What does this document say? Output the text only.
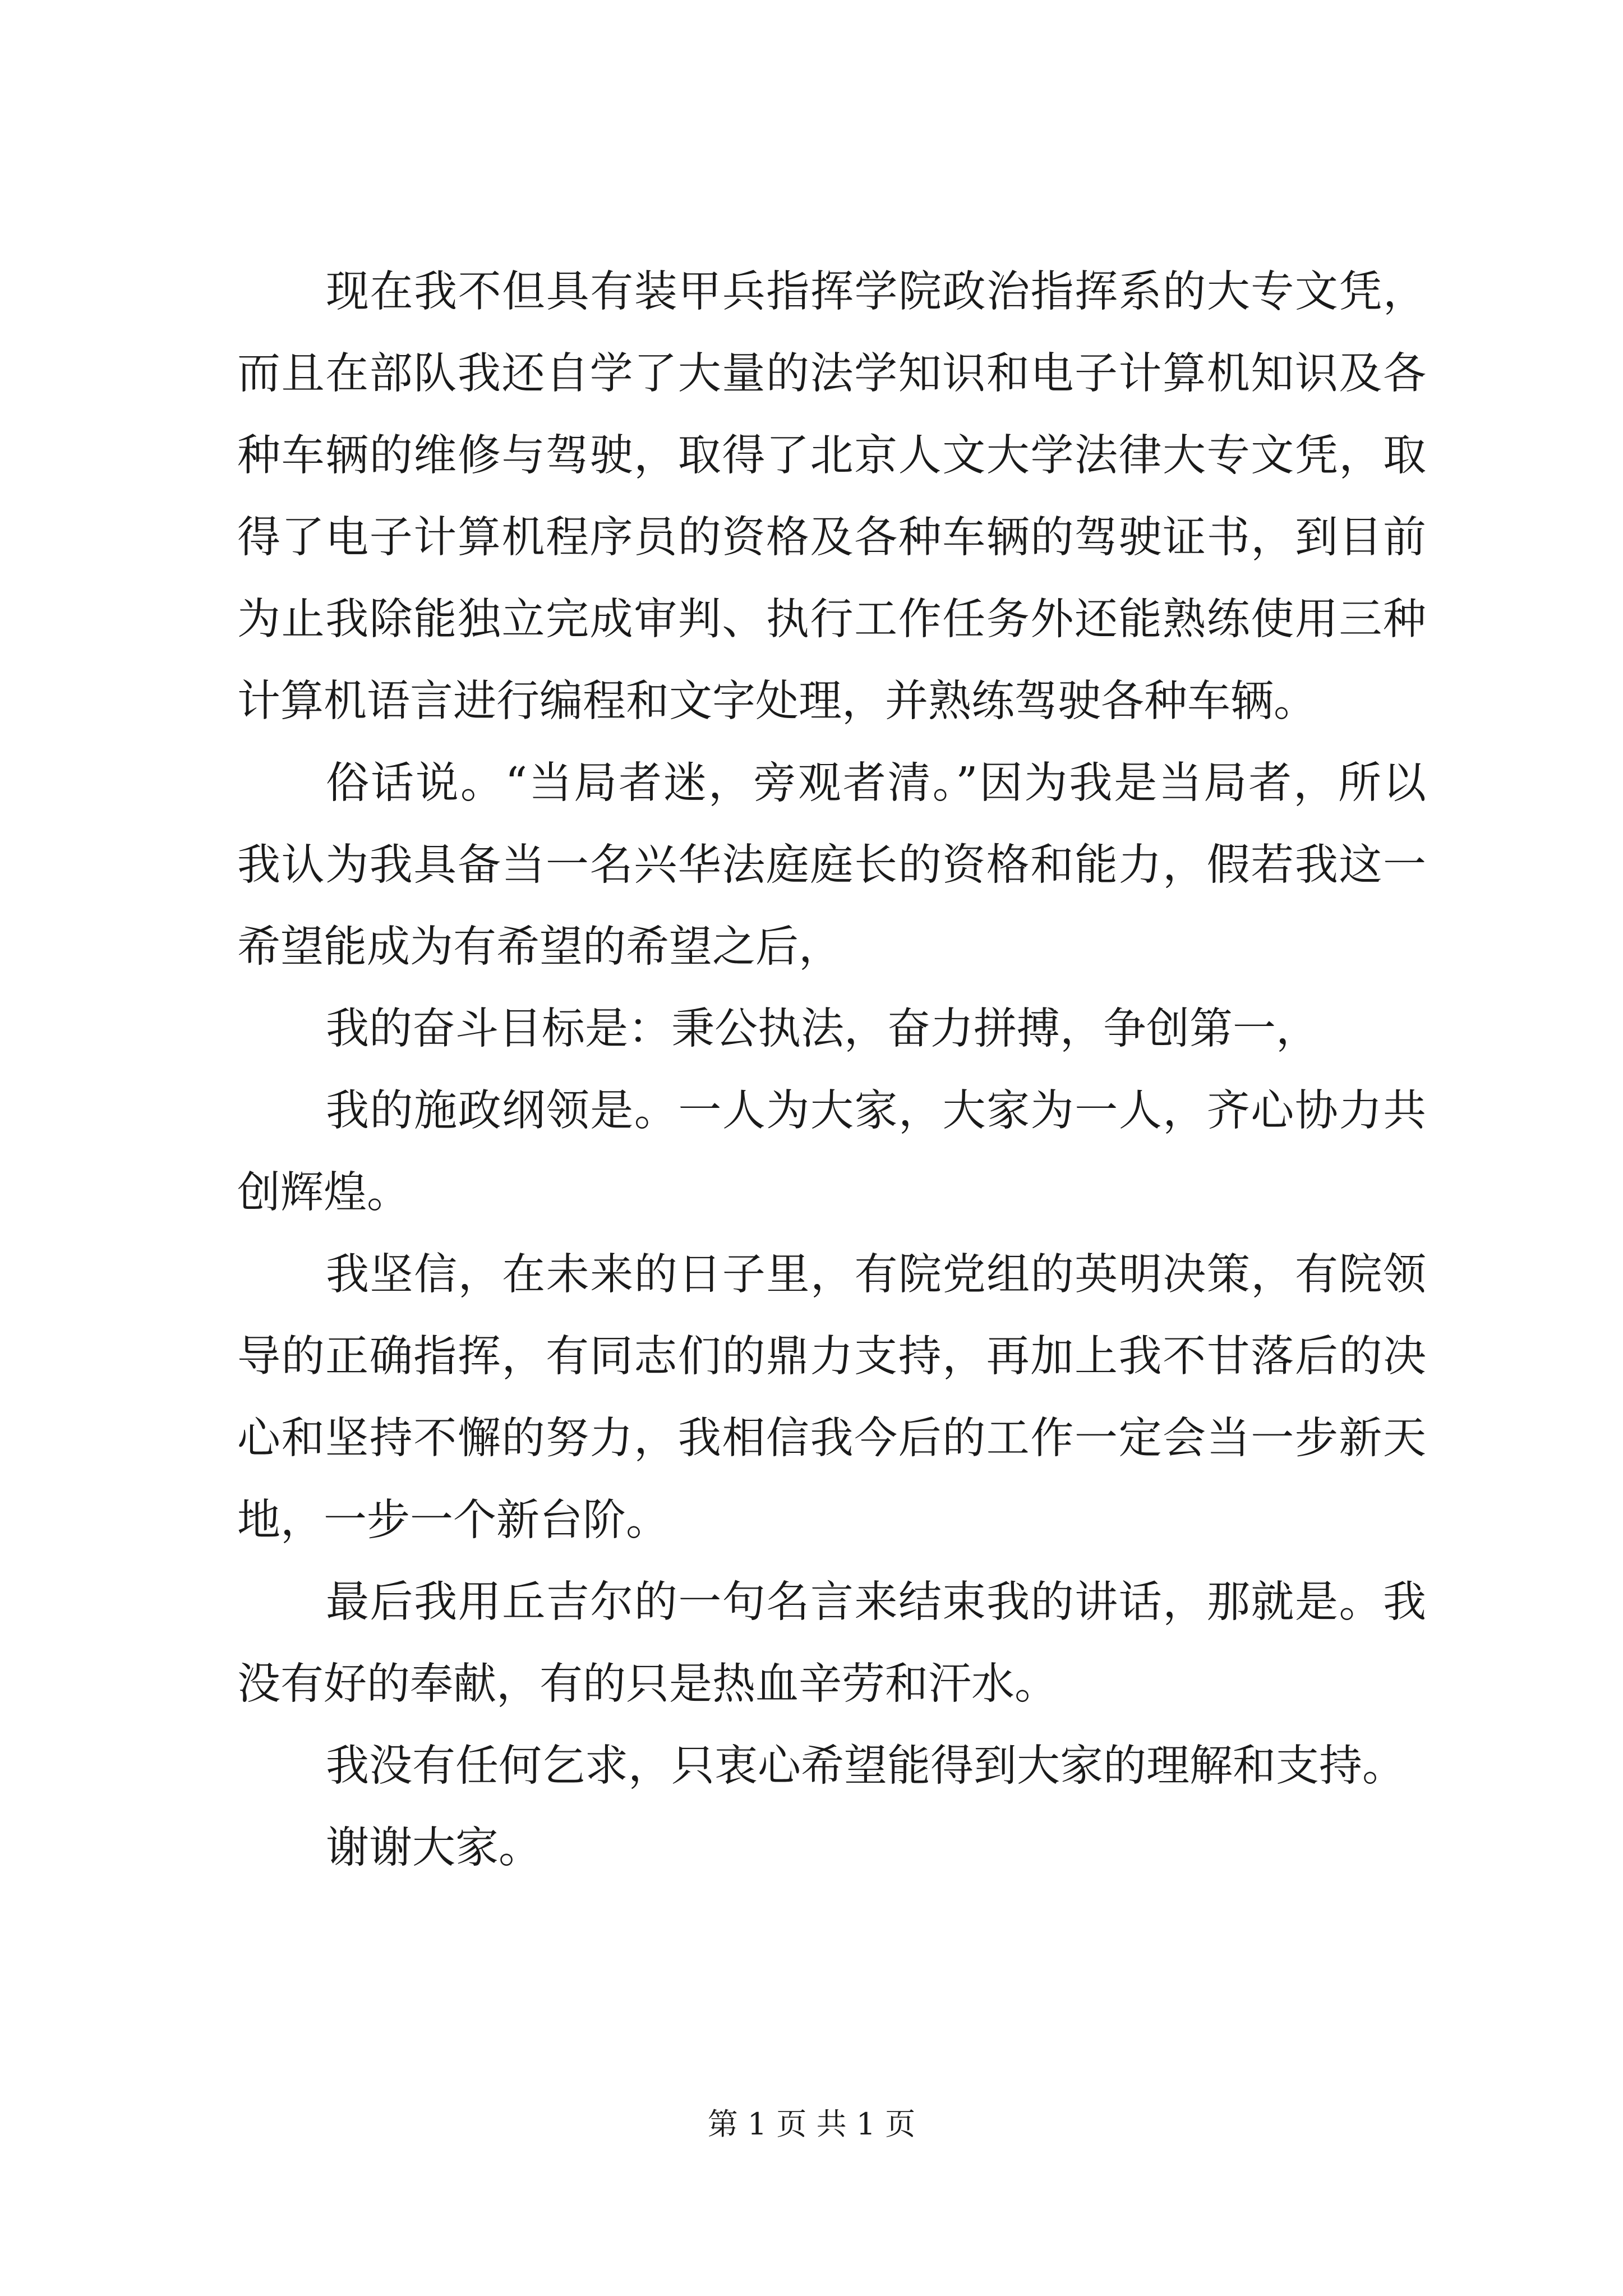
现在我不但具有装甲兵指挥学院政治指挥系的大专文凭，而且在部队我还自学了大量的法学知识和电子计算机知识及各种车辆的维修与驾驶，取得了北京人文大学法律大专文凭，取得了电子计算机程序员的资格及各种车辆的驾驶证书，到目前为止我除能独立完成审判、执行工作任务外还能熟练使用三种计算机语言进行编程和文字处理，并熟练驾驶各种车辆。

俗话说。“当局者迷，旁观者清。”因为我是当局者，所以我认为我具备当一名兴华法庭庭长的资格和能力，假若我这一希望能成为有希望的希望之后，

我的奋斗目标是：秉公执法，奋力拼搏，争创第一，

我的施政纲领是。一人为大家，大家为一人，齐心协力共创辉煌。

我坚信，在未来的日子里，有院党组的英明决策，有院领导的正确指挥，有同志们的鼎力支持，再加上我不甘落后的决心和坚持不懈的努力，我相信我今后的工作一定会当一步新天地，一步一个新台阶。

最后我用丘吉尔的一句名言来结束我的讲话，那就是。我没有好的奉献，有的只是热血辛劳和汗水。

我没有任何乞求，只衷心希望能得到大家的理解和支持。

谢谢大家。

第 1 页 共 1 页
